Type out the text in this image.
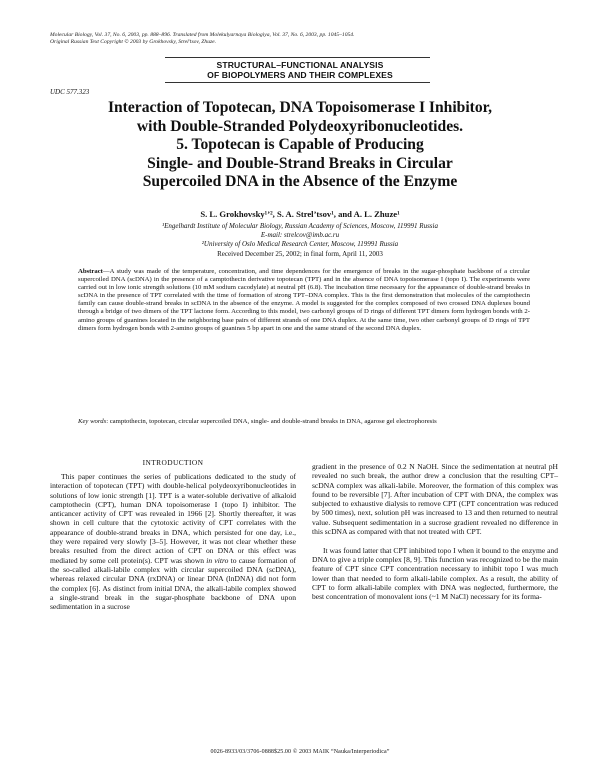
Molecular Biology, Vol. 37, No. 6, 2003, pp. 888–896. Translated from Molekulyarnaya Biologiya, Vol. 37, No. 6, 2003, pp. 1045–1054.
Original Russian Text Copyright © 2003 by Grokhovsky, Strel’tsov, Zhuze.
STRUCTURAL–FUNCTIONAL ANALYSIS
OF BIOPOLYMERS AND THEIR COMPLEXES
UDC 577.323
Interaction of Topotecan, DNA Topoisomerase I Inhibitor,
with Double-Stranded Polydeoxyribonucleotides.
5. Topotecan is Capable of Producing
Single- and Double-Strand Breaks in Circular
Supercoiled DNA in the Absence of the Enzyme
S. L. Grokhovsky¹ʼ², S. A. Strel’tsov¹, and A. L. Zhuze¹
¹Engelhardt Institute of Molecular Biology, Russian Academy of Sciences, Moscow, 119991 Russia
E-mail: strelcov@imb.ac.ru
²University of Oslo Medical Research Center, Moscow, 119991 Russia
Received December 25, 2002; in final form, April 11, 2003
Abstract—A study was made of the temperature, concentration, and time dependences for the emergence of breaks in the sugar-phosphate backbone of a circular supercoiled DNA (scDNA) in the presence of a camptothecin derivative topotecan (TPT) and in the absence of DNA topoisomerase I (topo I). The experiments were carried out in low ionic strength solutions (10 mM sodium cacodylate) at neutral pH (6.8). The incubation time necessary for the appearance of double-strand breaks in scDNA in the presence of TPT correlated with the time of formation of strong TPT–DNA complex. This is the first demonstration that molecules of the camptothecin family can cause double-strand breaks in scDNA in the absence of the enzyme. A model is suggested for the complex composed of two crossed DNA duplexes bound through a bridge of two dimers of the TPT lactone form. According to this model, two carbonyl groups of D rings of different TPT dimers form hydrogen bonds with 2-amino groups of guanines located in the neighboring base pairs of different strands of one DNA duplex. At the same time, two other carbonyl groups of D rings of TPT dimers form hydrogen bonds with 2-amino groups of guanines 5 bp apart in one and the same strand of the second DNA duplex.
Key words: camptothecin, topotecan, circular supercoiled DNA, single- and double-strand breaks in DNA, agarose gel electrophoresis
INTRODUCTION

This paper continues the series of publications dedicated to the study of interaction of topotecan (TPT) with double-helical polydeoxyribonucleotides in solutions of low ionic strength [1]. TPT is a water-soluble derivative of alkaloid camptothecin (CPT), human DNA topoisomerase I (topo I) inhibitor. The anticancer activity of CPT was revealed in 1966 [2]. Shortly thereafter, it was shown in cell culture that the cytotoxic activity of CPT correlates with the appearance of double-strand breaks in DNA, which persisted for one day, i.e., they were repaired very slowly [3–5]. However, it was not clear whether these breaks resulted from the direct action of CPT on DNA or this effect was mediated by some cell protein(s). CPT was shown in vitro to cause formation of the so-called alkali-labile complex with circular supercoiled DNA (scDNA), whereas relaxed circular DNA (rxDNA) or linear DNA (lnDNA) did not form the complex [6]. As distinct from initial DNA, the alkali-labile complex showed a single-strand break in the sugar-phosphate backbone of DNA upon sedimentation in a sucrose

gradient in the presence of 0.2 N NaOH. Since the sedimentation at neutral pH revealed no such break, the author drew a conclusion that the resulting CPT–scDNA complex was alkali-labile. Moreover, the formation of this complex was found to be reversible [7]. After incubation of CPT with DNA, the complex was subjected to exhaustive dialysis to remove CPT (CPT concentration was reduced by 500 times), next, solution pH was increased to 13 and then returned to neutral value. Subsequent sedimentation in a sucrose gradient revealed no difference in this scDNA as compared with that not treated with CPT.

It was found latter that CPT inhibited topo I when it bound to the enzyme and DNA to give a triple complex [8, 9]. This function was recognized to be the main feature of CPT since CPT concentration necessary to inhibit topo I was much lower than that needed to form alkali-labile complex. As a result, the ability of CPT to form alkali-labile complex with DNA was neglected, furthermore, the best concentration of monovalent ions (~1 M NaCl) necessary for its forma-

0026-8933/03/3706-0888$25.00 © 2003 MAIK “Nauka/Interperiodica”
